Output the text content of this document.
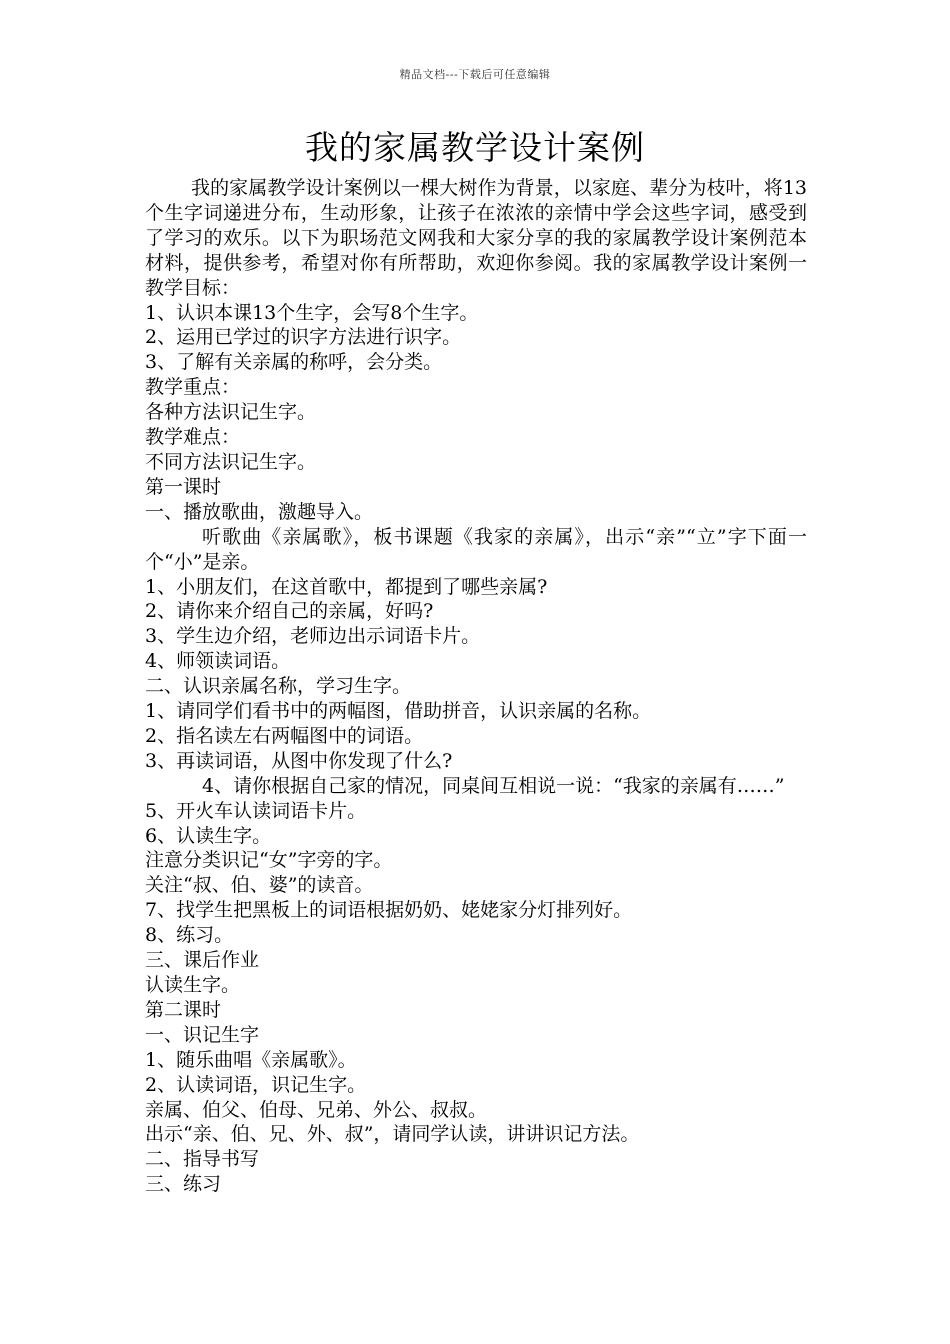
精品文档---下载后可任意编辑
我的家属教学设计案例

我的家属教学设计案例以一棵大树作为背景，以家庭、辈分为枝叶，将13个生字词递进分布，生动形象，让孩子在浓浓的亲情中学会这些字词，感受到了学习的欢乐。以下为职场范文网我和大家分享的我的家属教学设计案例范本材料，提供参考，希望对你有所帮助，欢迎你参阅。我的家属教学设计案例一教学目标：

1、认识本课13个生字，会写8个生字。

2、运用已学过的识字方法进行识字。

3、了解有关亲属的称呼，会分类。

教学重点：

各种方法识记生字。

教学难点：

不同方法识记生字。

第一课时

一、播放歌曲，激趣导入。

听歌曲《亲属歌》，板书课题《我家的亲属》，出示“亲”“立”字下面一个“小”是亲。

1、小朋友们，在这首歌中，都提到了哪些亲属?

2、请你来介绍自己的亲属，好吗?

3、学生边介绍，老师边出示词语卡片。

4、师领读词语。

二、认识亲属名称，学习生字。

1、请同学们看书中的两幅图，借助拼音，认识亲属的名称。

2、指名读左右两幅图中的词语。

3、再读词语，从图中你发现了什么?

4、请你根据自己家的情况，同桌间互相说一说：“我家的亲属有……”

5、开火车认读词语卡片。

6、认读生字。

注意分类识记“女”字旁的字。

关注“叔、伯、婆”的读音。

7、找学生把黑板上的词语根据奶奶、姥姥家分灯排列好。

8、练习。

三、课后作业

认读生字。

第二课时

一、识记生字

1、随乐曲唱《亲属歌》。

2、认读词语，识记生字。

亲属、伯父、伯母、兄弟、外公、叔叔。

出示“亲、伯、兄、外、叔”，请同学认读，讲讲识记方法。

二、指导书写

三、练习
